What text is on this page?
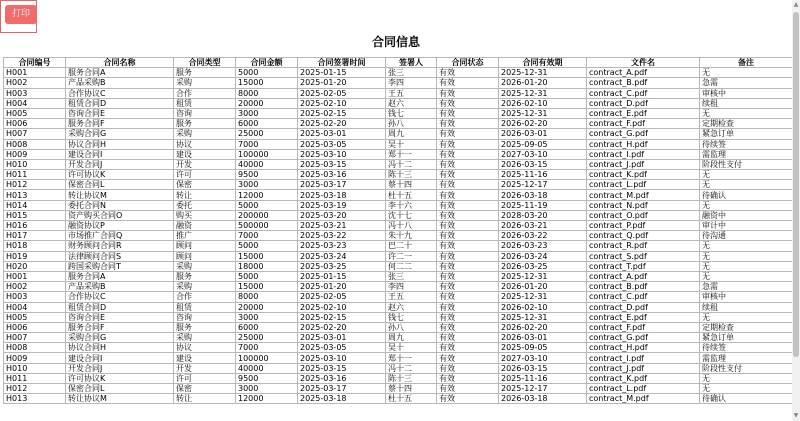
打印
合同信息
合同编号	合同名称	合同类型	合同金额	合同签署时间	签署人	合同状态	合同有效期	文件名	备注
H001	服务合同A	服务	5000	2025-01-15	张三	有效	2025-12-31	contract_A.pdf	无
H002	产品采购B	采购	15000	2025-01-20	李四	有效	2026-01-20	contract_B.pdf	急需
H003	合作协议C	合作	8000	2025-02-05	王五	有效	2025-12-31	contract_C.pdf	审核中
H004	租赁合同D	租赁	20000	2025-02-10	赵六	有效	2026-02-10	contract_D.pdf	续租
H005	咨询合同E	咨询	3000	2025-02-15	钱七	有效	2025-12-31	contract_E.pdf	无
H006	服务合同F	服务	6000	2025-02-20	孙八	有效	2026-02-20	contract_F.pdf	定期检查
H007	采购合同G	采购	25000	2025-03-01	周九	有效	2026-03-01	contract_G.pdf	紧急订单
H008	协议合同H	协议	7000	2025-03-05	吴十	有效	2025-09-05	contract_H.pdf	待续签
H009	建设合同I	建设	100000	2025-03-10	郑十一	有效	2027-03-10	contract_I.pdf	需监理
H010	开发合同J	开发	40000	2025-03-15	冯十二	有效	2026-03-15	contract_J.pdf	阶段性支付
H011	许可协议K	许可	9500	2025-03-16	陈十三	有效	2025-11-16	contract_K.pdf	无
H012	保密合同L	保密	3000	2025-03-17	蔡十四	有效	2025-12-17	contract_L.pdf	无
H013	转让协议M	转让	12000	2025-03-18	杜十五	有效	2026-03-18	contract_M.pdf	待确认
H014	委托合同N	委托	5000	2025-03-19	李十六	有效	2025-11-19	contract_N.pdf	无
H015	资产购买合同O	购买	200000	2025-03-20	沈十七	有效	2028-03-20	contract_O.pdf	融资中
H016	融资协议P	融资	500000	2025-03-21	冯十八	有效	2026-03-21	contract_P.pdf	审计中
H017	市场推广合同Q	推广	7000	2025-03-22	朱十九	有效	2026-03-22	contract_Q.pdf	待沟通
H018	财务顾问合同R	顾问	5000	2025-03-23	巴二十	有效	2026-03-23	contract_R.pdf	无
H019	法律顾问合同S	顾问	15000	2025-03-24	许二一	有效	2026-03-24	contract_S.pdf	无
H020	跨国采购合同T	采购	18000	2025-03-25	何二二	有效	2026-03-25	contract_T.pdf	无
H001	服务合同A	服务	5000	2025-01-15	张三	有效	2025-12-31	contract_A.pdf	无
H002	产品采购B	采购	15000	2025-01-20	李四	有效	2026-01-20	contract_B.pdf	急需
H003	合作协议C	合作	8000	2025-02-05	王五	有效	2025-12-31	contract_C.pdf	审核中
H004	租赁合同D	租赁	20000	2025-02-10	赵六	有效	2026-02-10	contract_D.pdf	续租
H005	咨询合同E	咨询	3000	2025-02-15	钱七	有效	2025-12-31	contract_E.pdf	无
H006	服务合同F	服务	6000	2025-02-20	孙八	有效	2026-02-20	contract_F.pdf	定期检查
H007	采购合同G	采购	25000	2025-03-01	周九	有效	2026-03-01	contract_G.pdf	紧急订单
H008	协议合同H	协议	7000	2025-03-05	吴十	有效	2025-09-05	contract_H.pdf	待续签
H009	建设合同I	建设	100000	2025-03-10	郑十一	有效	2027-03-10	contract_I.pdf	需监理
H010	开发合同J	开发	40000	2025-03-15	冯十二	有效	2026-03-15	contract_J.pdf	阶段性支付
H011	许可协议K	许可	9500	2025-03-16	陈十三	有效	2025-11-16	contract_K.pdf	无
H012	保密合同L	保密	3000	2025-03-17	蔡十四	有效	2025-12-17	contract_L.pdf	无
H013	转让协议M	转让	12000	2025-03-18	杜十五	有效	2026-03-18	contract_M.pdf	待确认
▲
▼
